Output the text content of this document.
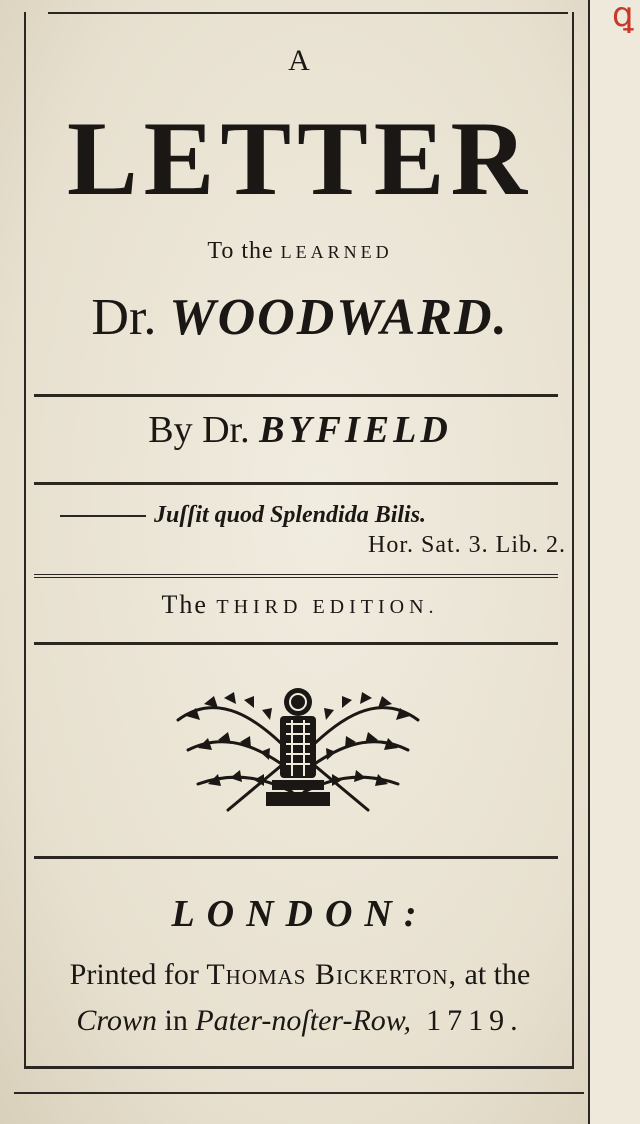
ꝗ
A
LETTER
To the LEARNED
Dr. WOODWARD.
By Dr. BYFIELD
Juſſit quod Splendida Bilis.
Hor. Sat. 3. Lib. 2.
The THIRD EDITION.
LONDON:
Printed for Thomas Bickerton, at the
Crown in Pater-noſter-Row, 1719.
